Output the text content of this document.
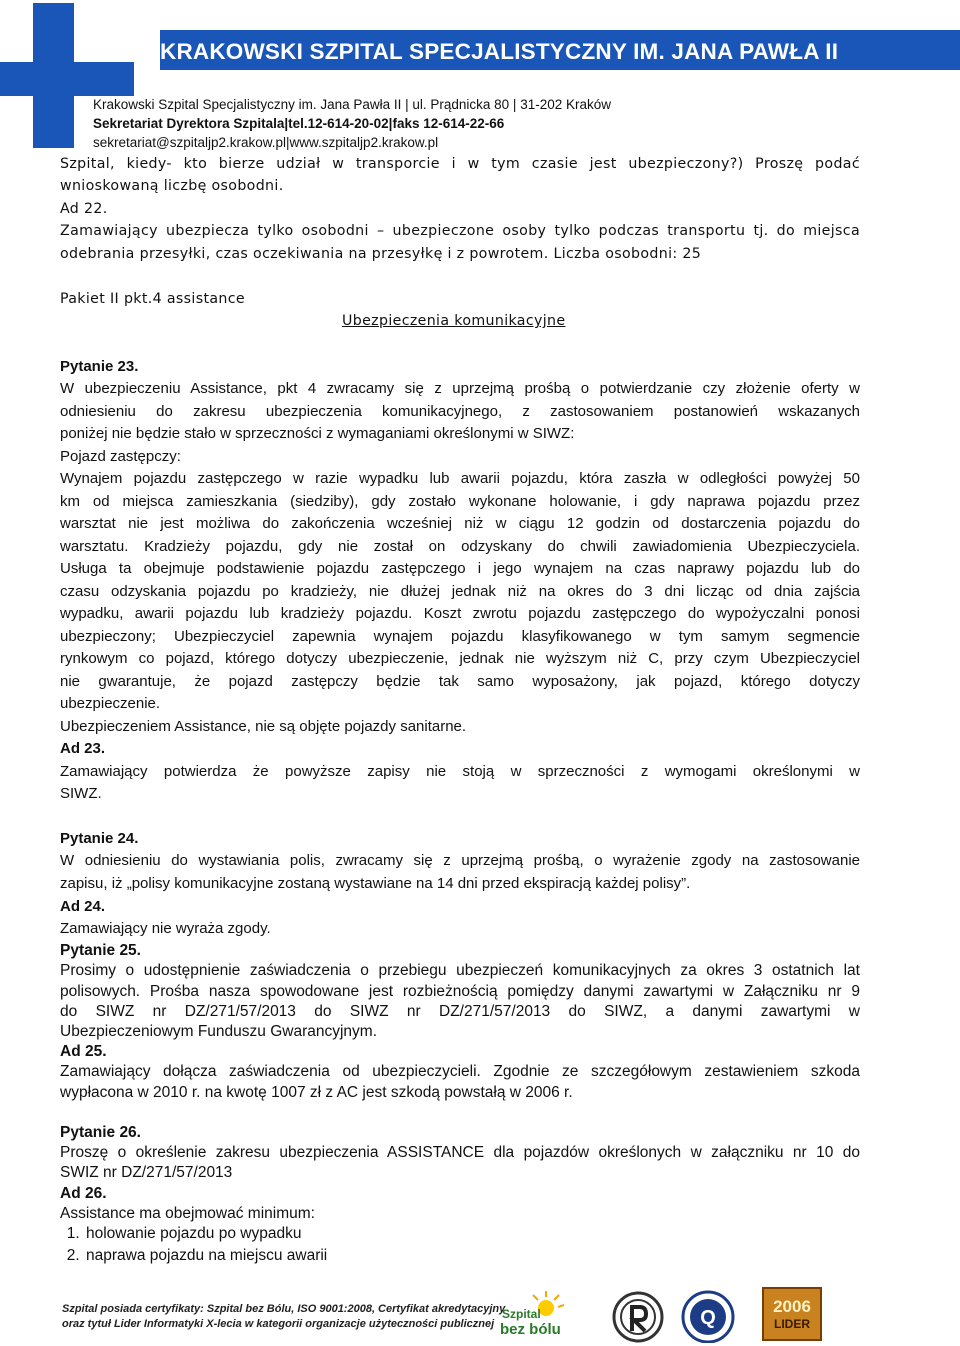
KRAKOWSKI SZPITAL SPECJALISTYCZNY IM. JANA PAWŁA II
Krakowski Szpital Specjalistyczny im. Jana Pawła II | ul. Prądnicka 80 | 31-202 Kraków
Sekretariat Dyrektora Szpitala|tel.12-614-20-02|faks 12-614-22-66
sekretariat@szpitaljp2.krakow.pl|www.szpitaljp2.krakow.pl
Szpital, kiedy- kto bierze udział w transporcie i w tym czasie jest ubezpieczony?) Proszę podać
wnioskowaną liczbę osobodni.
Ad 22.
Zamawiający ubezpiecza tylko osobodni – ubezpieczone osoby tylko podczas transportu tj. do miejsca
odebrania przesyłki, czas oczekiwania na przesyłkę i z powrotem. Liczba osobodni: 25
Pakiet II pkt.4 assistance
Ubezpieczenia komunikacyjne
Pytanie 23.
W ubezpieczeniu Assistance, pkt 4 zwracamy się z uprzejmą prośbą o potwierdzanie czy złożenie oferty w
odniesieniu do zakresu ubezpieczenia komunikacyjnego, z zastosowaniem postanowień wskazanych
poniżej nie będzie stało w sprzeczności z wymaganiami określonymi w SIWZ:
Pojazd zastępczy:
Wynajem pojazdu zastępczego w razie wypadku lub awarii pojazdu, która zaszła w odległości powyżej 50
km od miejsca zamieszkania (siedziby), gdy zostało wykonane holowanie, i gdy naprawa pojazdu przez
warsztat nie jest możliwa do zakończenia wcześniej niż w ciągu 12 godzin od dostarczenia pojazdu do
warsztatu. Kradzieży pojazdu, gdy nie został on odzyskany do chwili zawiadomienia Ubezpieczyciela.
Usługa ta obejmuje podstawienie pojazdu zastępczego i jego wynajem na czas naprawy pojazdu lub do
czasu odzyskania pojazdu po kradzieży, nie dłużej jednak niż na okres do 3 dni licząc od dnia zajścia
wypadku, awarii pojazdu lub kradzieży pojazdu. Koszt zwrotu pojazdu zastępczego do wypożyczalni ponosi
ubezpieczony; Ubezpieczyciel zapewnia wynajem pojazdu klasyfikowanego w tym samym segmencie
rynkowym co pojazd, którego dotyczy ubezpieczenie, jednak nie wyższym niż C, przy czym Ubezpieczyciel
nie gwarantuje, że pojazd zastępczy będzie tak samo wyposażony, jak pojazd, którego dotyczy
ubezpieczenie.
Ubezpieczeniem Assistance, nie są objęte pojazdy sanitarne.
Ad 23.
Zamawiający potwierdza że powyższe zapisy nie stoją w sprzeczności z wymogami określonymi w
SIWZ.
Pytanie 24.
W odniesieniu do wystawiania polis, zwracamy się z uprzejmą prośbą, o wyrażenie zgody na zastosowanie
zapisu, iż „polisy komunikacyjne zostaną wystawiane na 14 dni przed ekspiracją każdej polisy”.
Ad 24.
Zamawiający nie wyraża zgody.
Pytanie 25.
Prosimy o udostępnienie zaświadczenia o przebiegu ubezpieczeń komunikacyjnych za okres 3 ostatnich lat
polisowych. Prośba nasza spowodowane jest rozbieżnością pomiędzy danymi zawartymi w Załączniku nr 9
do SIWZ nr DZ/271/57/2013 do SIWZ nr DZ/271/57/2013 do SIWZ, a danymi zawartymi w
Ubezpieczeniowym Funduszu Gwarancyjnym.
Ad 25.
Zamawiający dołącza zaświadczenia od ubezpieczycieli. Zgodnie ze szczegółowym zestawieniem szkoda
wypłacona w 2010 r. na kwotę 1007 zł z AC jest szkodą powstałą w 2006 r.
Pytanie 26.
Proszę o określenie zakresu ubezpieczenia ASSISTANCE dla pojazdów określonych w załączniku nr 10 do
SWIZ nr DZ/271/57/2013
Ad 26.
Assistance ma obejmować minimum:
1. holowanie pojazdu po wypadku
2. naprawa pojazdu na miejscu awarii
Szpital posiada certyfikaty: Szpital bez Bólu, ISO 9001:2008, Certyfikat akredytacyjny
oraz tytuł Lider Informatyki X-lecia w kategorii organizacje użyteczności publicznej
Szpital
bez bólu
Q
2006
LIDER
